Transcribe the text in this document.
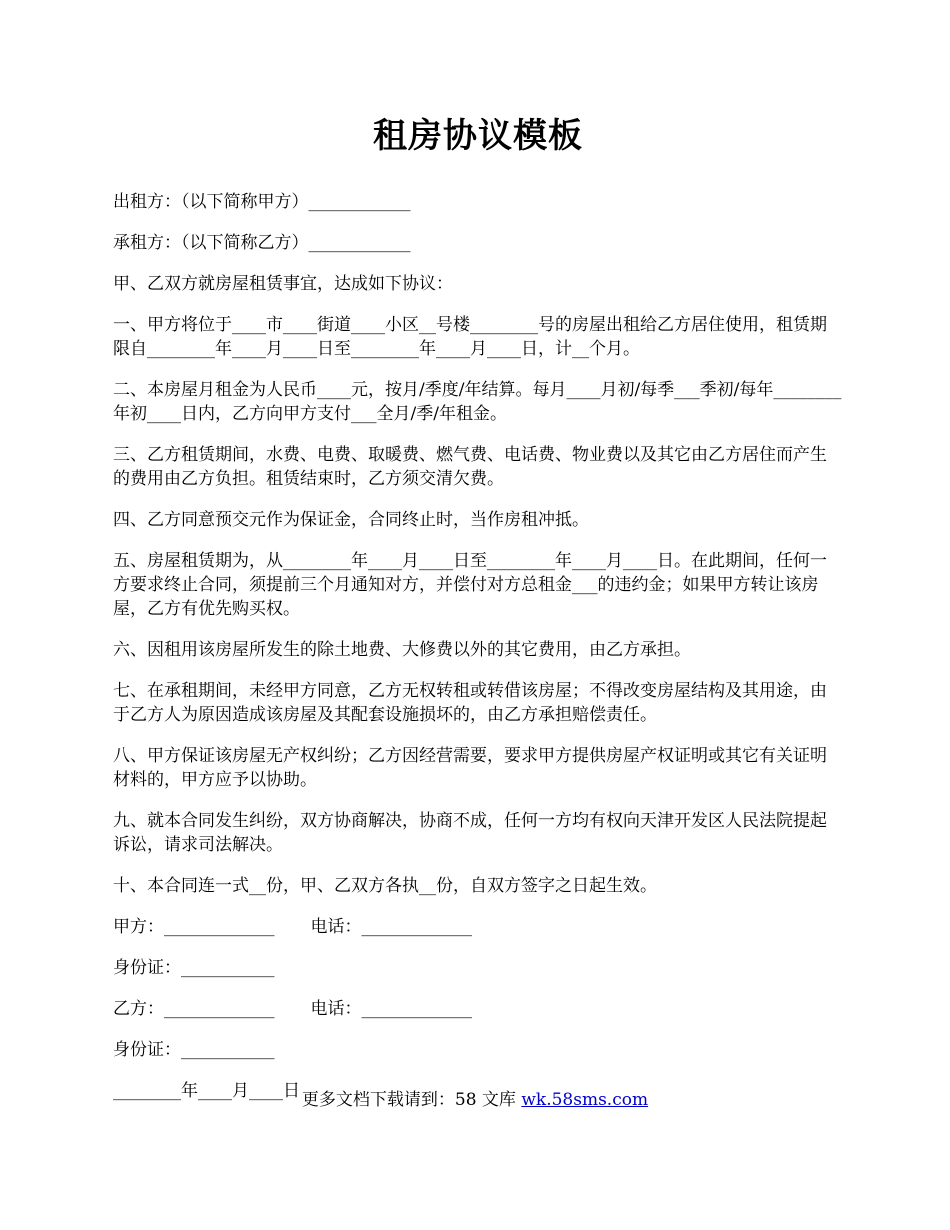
租房协议模板

出租方：（以下简称甲方）____________

承租方：（以下简称乙方）____________

甲、乙双方就房屋租赁事宜，达成如下协议：

一、甲方将位于____市____街道____小区__号楼________号的房屋出租给乙方居住使用，租赁期限自________年____月____日至________年____月____日，计__个月。

二、本房屋月租金为人民币____元，按月/季度/年结算。每月____月初/每季___季初/每年________年初____日内，乙方向甲方支付___全月/季/年租金。

三、乙方租赁期间，水费、电费、取暖费、燃气费、电话费、物业费以及其它由乙方居住而产生的费用由乙方负担。租赁结束时，乙方须交清欠费。

四、乙方同意预交元作为保证金，合同终止时，当作房租冲抵。

五、房屋租赁期为，从________年____月____日至________年____月____日。在此期间，任何一方要求终止合同，须提前三个月通知对方，并偿付对方总租金___的违约金；如果甲方转让该房屋，乙方有优先购买权。

六、因租用该房屋所发生的除土地费、大修费以外的其它费用，由乙方承担。

七、在承租期间，未经甲方同意，乙方无权转租或转借该房屋；不得改变房屋结构及其用途，由于乙方人为原因造成该房屋及其配套设施损坏的，由乙方承担赔偿责任。

八、甲方保证该房屋无产权纠纷；乙方因经营需要，要求甲方提供房屋产权证明或其它有关证明材料的，甲方应予以协助。

九、就本合同发生纠纷，双方协商解决，协商不成，任何一方均有权向天津开发区人民法院提起诉讼，请求司法解决。

十、本合同连一式__份，甲、乙双方各执__份，自双方签字之日起生效。

甲方：_____________ 电话：_____________
身份证：___________
乙方：_____________ 电话：_____________
身份证：___________
________年____月____日 更多文档下载请到：58 文库 wk.58sms.com
